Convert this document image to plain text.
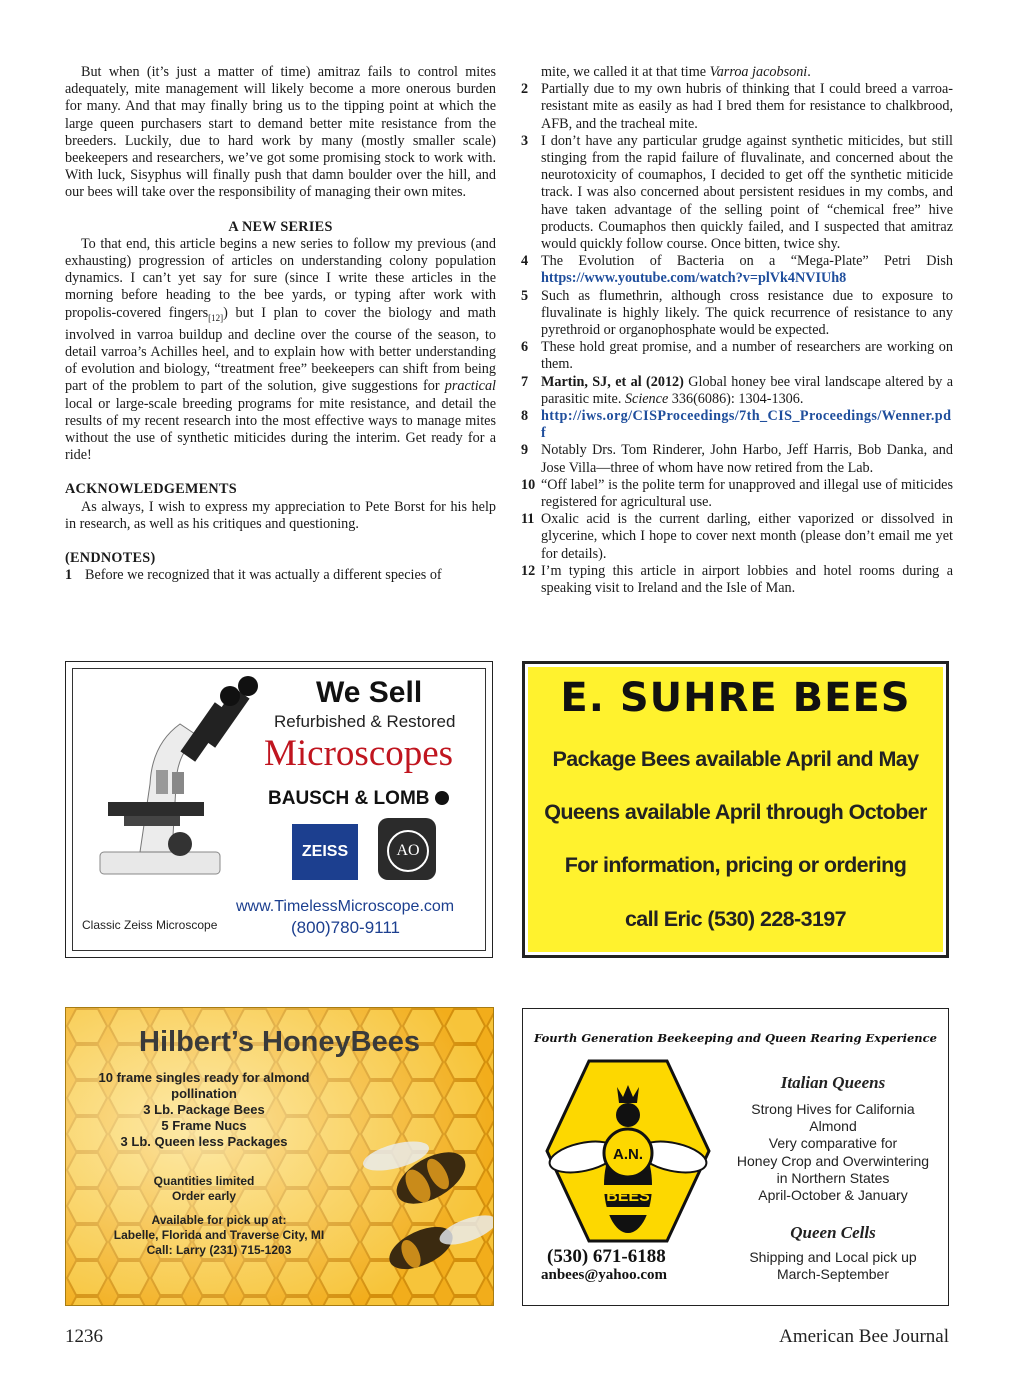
But when (it’s just a matter of time) amitraz fails to control mites adequately, mite management will likely become a more onerous burden for many. And that may finally bring us to the tipping point at which the large queen purchasers start to demand better mite resistance from the breeders. Luckily, due to hard work by many (mostly smaller scale) beekeepers and researchers, we’ve got some promising stock to work with. With luck, Sisyphus will finally push that damn boulder over the hill, and our bees will take over the responsibility of managing their own mites.

A NEW SERIES

To that end, this article begins a new series to follow my previous (and exhausting) progression of articles on understanding colony population dynamics. I can’t yet say for sure (since I write these articles in the morning before heading to the bee yards, or typing after work with propolis-covered fingers$_{[12]}$) but I plan to cover the biology and math involved in varroa buildup and decline over the course of the season, to detail varroa’s Achilles heel, and to explain how with better understanding of evolution and biology, “treatment free” beekeepers can shift from being part of the problem to part of the solution, give suggestions for practical local or large-scale breeding programs for mite resistance, and detail the results of my recent research into the most effective ways to manage mites without the use of synthetic miticides during the interim. Get ready for a ride!

ACKNOWLEDGEMENTS

As always, I wish to express my appreciation to Pete Borst for his help in research, as well as his critiques and questioning.

(ENDNOTES)

1 Before we recognized that it was actually a different species of

mite, we called it at that time Varroa jacobsoni.

2 Partially due to my own hubris of thinking that I could breed a varroa-resistant mite as easily as had I bred them for resistance to chalkbrood, AFB, and the tracheal mite.

3 I don’t have any particular grudge against synthetic miticides, but still stinging from the rapid failure of fluvalinate, and concerned about the neurotoxicity of coumaphos, I decided to get off the synthetic miticide track. I was also concerned about persistent residues in my combs, and have taken advantage of the selling point of “chemical free” hive products. Coumaphos then quickly failed, and I suspected that amitraz would quickly follow course. Once bitten, twice shy.

4 The Evolution of Bacteria on a “Mega-Plate” Petri Dish https://www.youtube.com/watch?v=plVk4NVIUh8

5 Such as flumethrin, although cross resistance due to exposure to fluvalinate is highly likely. The quick recurrence of resistance to any pyrethroid or organophosphate would be expected.

6 These hold great promise, and a number of researchers are working on them.

7 Martin, SJ, et al (2012) Global honey bee viral landscape altered by a parasitic mite. Science 336(6086): 1304-1306.

8 http://iws.org/CISProceedings/7th_CIS_Proceedings/Wenner.pdf

9 Notably Drs. Tom Rinderer, John Harbo, Jeff Harris, Bob Danka, and Jose Villa—three of whom have now retired from the Lab.

10 “Off label” is the polite term for unapproved and illegal use of miticides registered for agricultural use.

11 Oxalic acid is the current darling, either vaporized or dissolved in glycerine, which I hope to cover next month (please don’t email me yet for details).

12 I’m typing this article in airport lobbies and hotel rooms during a speaking visit to Ireland and the Isle of Man.

We Sell
Refurbished & Restored
Microscopes
BAUSCH & LOMB
ZEISS	AO
Classic Zeiss Microscope
www.TimelessMicroscope.com
(800)780-9111
E. SUHRE BEES
Package Bees available April and May
Queens available April through October
For information, pricing or ordering
call Eric (530) 228-3197
Hilbert’s HoneyBees
10 frame singles ready for almond
pollination
3 Lb. Package Bees
5 Frame Nucs
3 Lb. Queen less Packages
Quantities limited
Order early
Available for pick up at:
Labelle, Florida and Traverse City, MI
Call: Larry (231) 715-1203
Fourth Generation Beekeeping and Queen Rearing Experience
A.N.
BEES
Italian Queens
Strong Hives for California
Almond
Very comparative for
Honey Crop and Overwintering
in Northern States
April-October & January
Queen Cells
Shipping and Local pick up
March-September
(530) 671-6188
anbees@yahoo.com
1236	American Bee Journal
